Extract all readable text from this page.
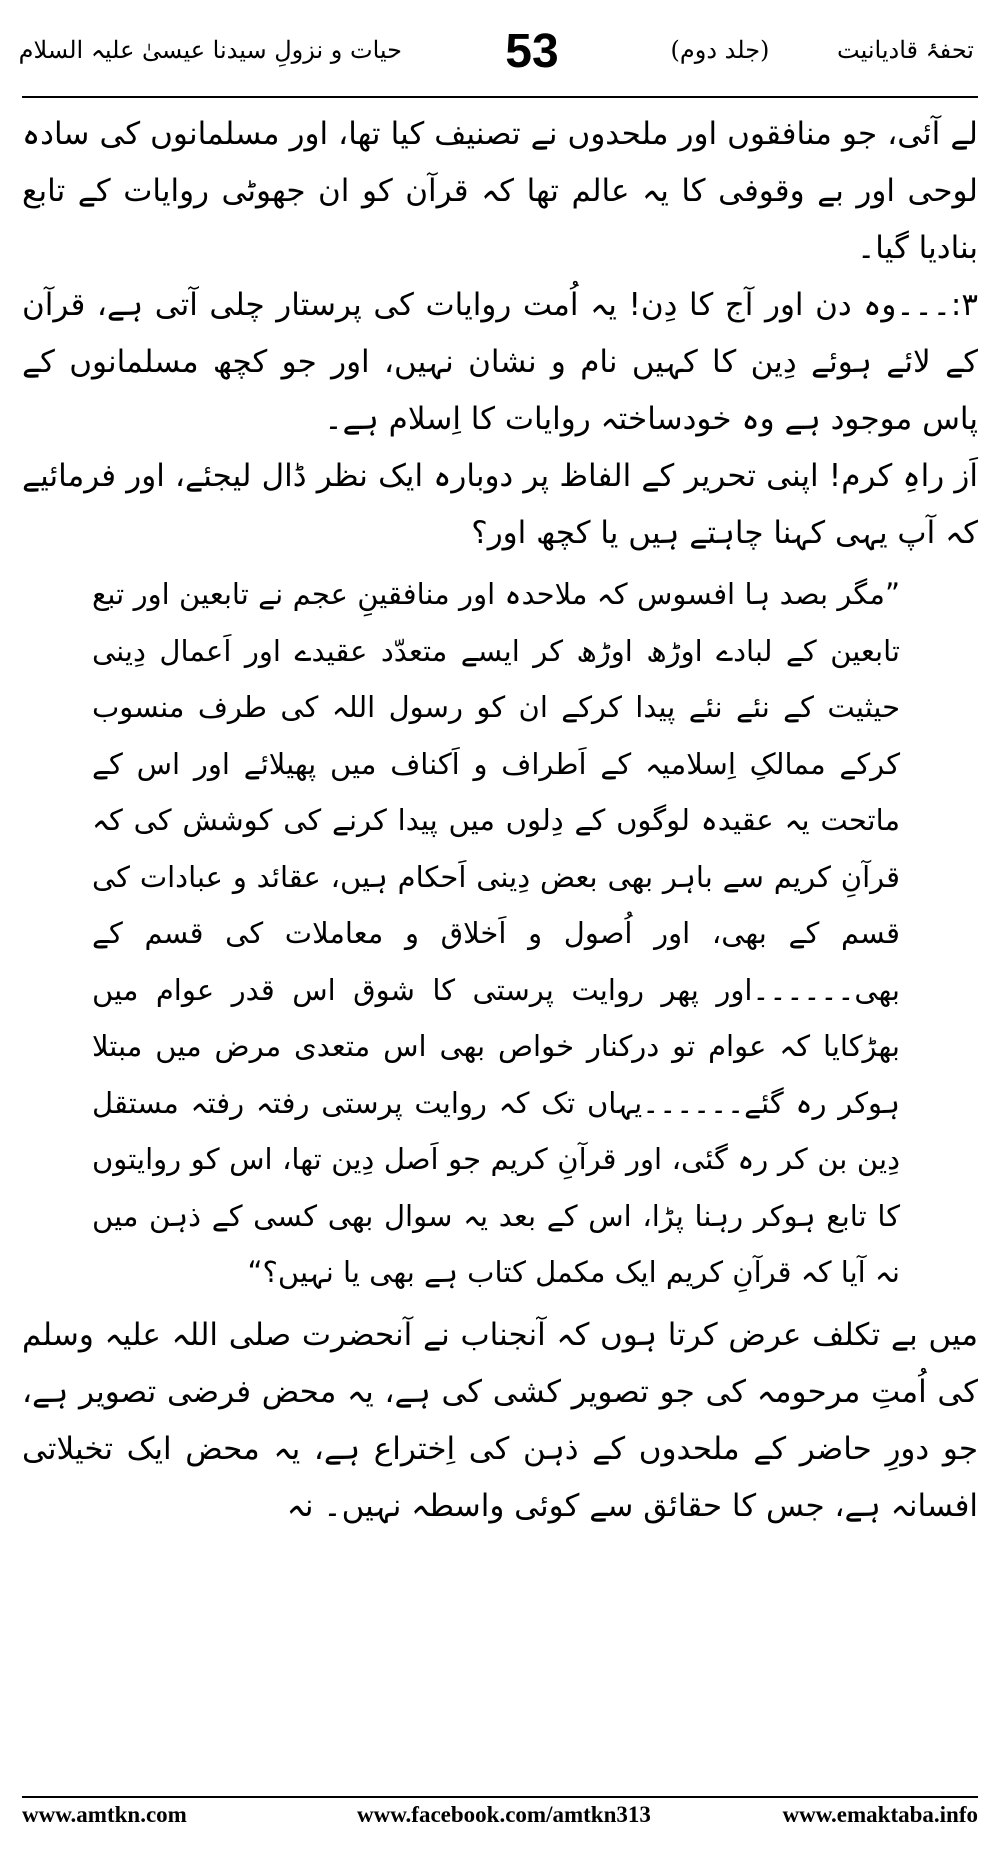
تحفۂ قادیانیت (جلد دوم)
53
حیات و نزولِ سیدنا عیسیٰ علیہ السلام

لے آئی، جو منافقوں اور ملحدوں نے تصنیف کیا تھا، اور مسلمانوں کی سادہ لوحی اور بے وقوفی کا یہ عالم تھا کہ قرآن کو ان جھوٹی روایات کے تابع بنادیا گیا۔

۳:۔۔۔وہ دن اور آج کا دِن! یہ اُمت روایات کی پرستار چلی آتی ہے، قرآن کے لائے ہوئے دِین کا کہیں نام و نشان نہیں، اور جو کچھ مسلمانوں کے پاس موجود ہے وہ خودساختہ روایات کا اِسلام ہے۔

اَز راہِ کرم! اپنی تحریر کے الفاظ پر دوبارہ ایک نظر ڈال لیجئے، اور فرمائیے کہ آپ یہی کہنا چاہتے ہیں یا کچھ اور؟

”مگر بصد ہا افسوس کہ ملاحدہ اور منافقینِ عجم نے تابعین اور تبع تابعین کے لبادے اوڑھ اوڑھ کر ایسے متعدّد عقیدے اور اَعمال دِینی حیثیت کے نئے نئے پیدا کرکے ان کو رسول اللہ کی طرف منسوب کرکے ممالکِ اِسلامیہ کے اَطراف و اَکناف میں پھیلائے اور اس کے ماتحت یہ عقیدہ لوگوں کے دِلوں میں پیدا کرنے کی کوشش کی کہ قرآنِ کریم سے باہر بھی بعض دِینی اَحکام ہیں، عقائد و عبادات کی قسم کے بھی، اور اُصول و اَخلاق و معاملات کی قسم کے بھی۔۔۔۔۔۔اور پھر روایت پرستی کا شوق اس قدر عوام میں بھڑکایا کہ عوام تو درکنار خواص بھی اس متعدی مرض میں مبتلا ہوکر رہ گئے۔۔۔۔۔۔یہاں تک کہ روایت پرستی رفتہ رفتہ مستقل دِین بن کر رہ گئی، اور قرآنِ کریم جو اَصل دِین تھا، اس کو روایتوں کا تابع ہوکر رہنا پڑا، اس کے بعد یہ سوال بھی کسی کے ذہن میں نہ آیا کہ قرآنِ کریم ایک مکمل کتاب ہے بھی یا نہیں؟“

میں بے تکلف عرض کرتا ہوں کہ آنجناب نے آنحضرت صلی اللہ علیہ وسلم کی اُمتِ مرحومہ کی جو تصویر کشی کی ہے، یہ محض فرضی تصویر ہے، جو دورِ حاضر کے ملحدوں کے ذہن کی اِختراع ہے، یہ محض ایک تخیلاتی افسانہ ہے، جس کا حقائق سے کوئی واسطہ نہیں۔ نہ

www.amtkn.com	www.facebook.com/amtkn313	www.emaktaba.info
